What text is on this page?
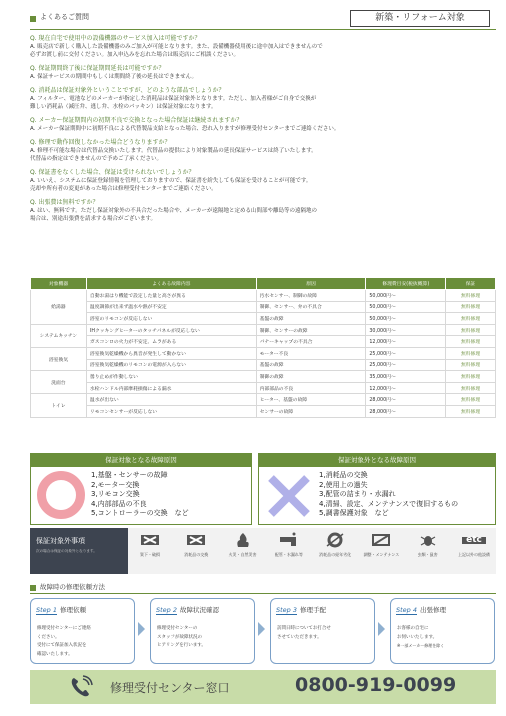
よくあるご質問	新築・リフォーム対象
Q. 現在自宅で使用中の設備機器のサービス加入は可能ですか？
A. 販売店で新しく購入した設備機器のみご加入が可能となります。また、設備機器使用後に途中加入はできませんので
必ずお渡し前に交付ください。加入申込みを忘れた場合は販売店にご相談ください。
Q. 保証期間終了後に保証期間延長は可能ですか？
A. 保証サービスの期間中もしくは期間終了後の延長はできません。
Q. 消耗品は保証対象外ということですが、どのような部品でしょうか？
A. フィルター、電池などのメーカーが指定した消耗品は保証対象外となります。ただし、加入者様がご自身で交換が
難しい消耗品（減圧弁、逃し弁、水栓のパッキン）は保証対象になります。
Q. メーカー保証期間内の初期不良で交換となった場合保証は継続されますか？
A. メーカー保証期間中に初期不良による代替製品支給となった場合、恐れ入りますが修理受付センターまでご連絡ください。
Q. 修理で動作回復しなかった場合どうなりますか？
A. 修理不可能な場合は代替品交換いたします。代替品の提供により対象製品の延長保証サービスは終了いたします。
代替品の指定はできませんので予めご了承ください。
Q. 保証書をなくした場合、保証は受けられないでしょうか？
A. いいえ、システムに保証登録情報を管理しておりますので、保証書を紛失しても保証を受けることが可能です。
売却や所有者の変更があった場合は修理受付センターまでご連絡ください。
Q. 出張費は無料ですか？
A. はい、無料です。ただし保証対象外の不具合だった場合や、メーカーが遠隔地と定める山間部や離島等の遠隔地の
場合は、別途出張費を請求する場合がございます。
対象機器	よくある故障内容	原因	修理費目安(税抜概算)	保証
給湯器	自動お湯はり機能で設定した量と高さが異る	汚水センサー、制御の故障	50,000円～	無料修理
	温度調節が出来ず温水や熱が不安定	制御、センサー、弁の不具合	50,000円～	無料修理
	浴室のリモコンが反応しない	基盤の故障	50,000円～	無料修理
システムキッチン	IHクッキングヒーターのタッチパネルが反応しない	制御、センサーの故障	30,000円～	無料修理
	ガスコンロの火力が不安定、ムラがある	バナーキャップの不具合	12,000円～	無料修理
浴室換気	浴室換気乾燥機から異音が発生して動かない	モーター不良	25,000円～	無料修理
	浴室換気乾燥機のリモコンの電源が入らない	基盤の故障	25,000円～	無料修理
洗面台	曇り止めが作動しない	制御の故障	35,000円～	無料修理
	水栓ハンドル内部摩耗損傷による漏水	内部部品の不良	12,000円～	無料修理
トイレ	温水が出ない	ヒーター、基盤の故障	28,000円～	無料修理
	リモコンセンサーが反応しない	センサーの故障	28,000円～	無料修理
保証対象となる故障原因
1,基盤・センサーの故障
2,モーター交換
3,リモコン交換
4,内部部品の不良
5,コントローラーの交換　など
保証対象外となる故障原因
1,消耗品の交換
2,使用上の過失
3,配管の詰まり・水漏れ
4,清掃、設定、メンテナンスで復旧するもの
5,調書保護対象　など
保証対象外事項
次の場合は保証の対象外となります。
質下・破損	消耗品の交換	火災・自然災害	配管・水漏れ等	消耗品の経年劣化	調整・メンテナンス	虫類・鼠害
etc
上記以外の他設備
故障時の修理依頼方法
Step 1 修理依頼
修理受付センターにご連絡
ください。
受付にて保証加入状況を
確認いたします。
Step 2 故障状況確認
修理受付センターの
スタッフが故障状況の
ヒアリングを行います。
Step 3 修理手配
訪問日時についてお打合せ
させていただきます。
Step 4 出張修理
お客様の自宅に
お伺いいたします。
※一部メーカー修理を除く
修理受付センター窓口	0800-919-0099
